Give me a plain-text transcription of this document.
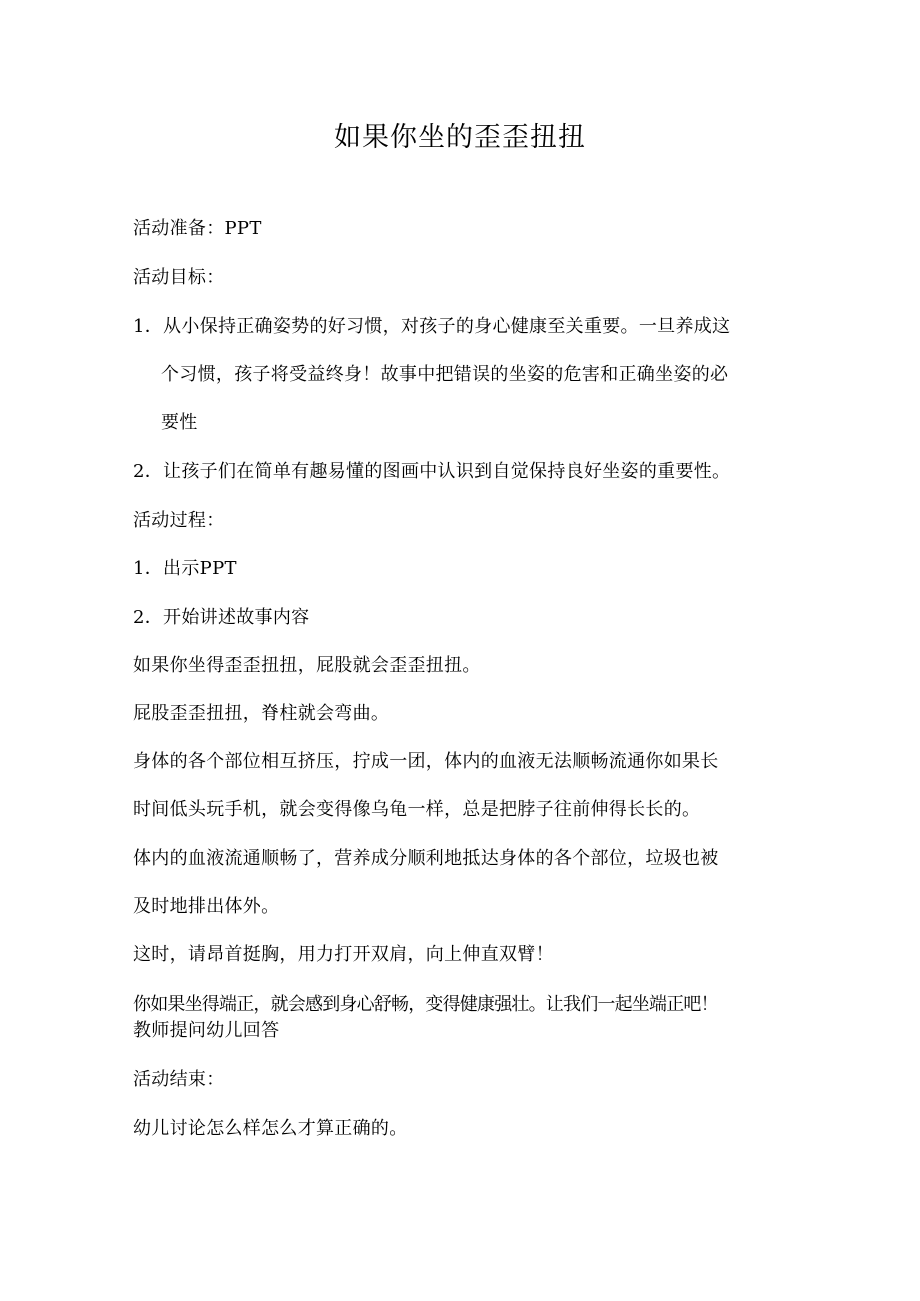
如果你坐的歪歪扭扭
活动准备：PPT
活动目标：
1．从小保持正确姿势的好习惯，对孩子的身心健康至关重要。一旦养成这
个习惯，孩子将受益终身！故事中把错误的坐姿的危害和正确坐姿的必
要性
2．让孩子们在简单有趣易懂的图画中认识到自觉保持良好坐姿的重要性。
活动过程：
1．出示PPT
2．开始讲述故事内容
如果你坐得歪歪扭扭，屁股就会歪歪扭扭。
屁股歪歪扭扭，脊柱就会弯曲。
身体的各个部位相互挤压，拧成一团，体内的血液无法顺畅流通你如果长
时间低头玩手机，就会变得像乌龟一样，总是把脖子往前伸得长长的。
体内的血液流通顺畅了，营养成分顺利地抵达身体的各个部位，垃圾也被
及时地排出体外。
这时，请昂首挺胸，用力打开双肩，向上伸直双臂！
你如果坐得端正，就会感到身心舒畅，变得健康强壮。让我们一起坐端正吧！
教师提问幼儿回答
活动结束：
幼儿讨论怎么样怎么才算正确的。
